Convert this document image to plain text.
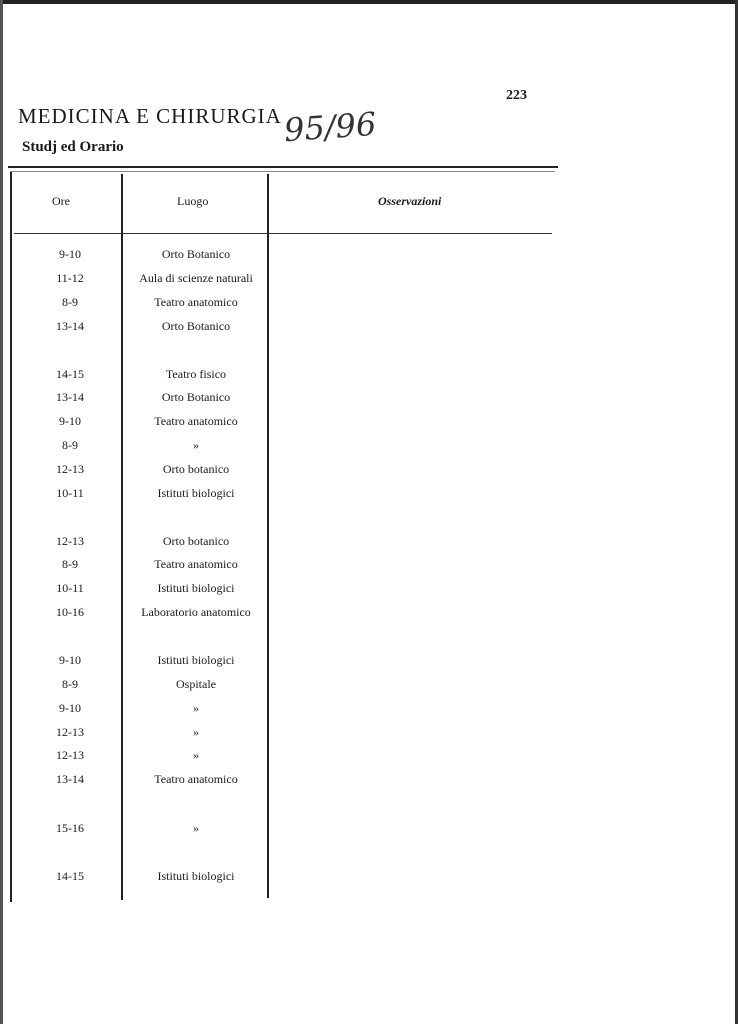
223
MEDICINA E CHIRURGIA
Studj ed Orario	95/96
Ore	Luogo	Osservazioni
9-10	Orto Botanico
11-12	Aula di scienze naturali
8-9	Teatro anatomico
13-14	Orto Botanico
14-15	Teatro fisico
13-14	Orto Botanico
9-10	Teatro anatomico
8-9	»
12-13	Orto botanico
10-11	Istituti biologici
12-13	Orto botanico
8-9	Teatro anatomico
10-11	Istituti biologici
10-16	Laboratorio anatomico
9-10	Istituti biologici
8-9	Ospitale
9-10	»
12-13	»
12-13	»
13-14	Teatro anatomico
15-16	»
14-15	Istituti biologici
